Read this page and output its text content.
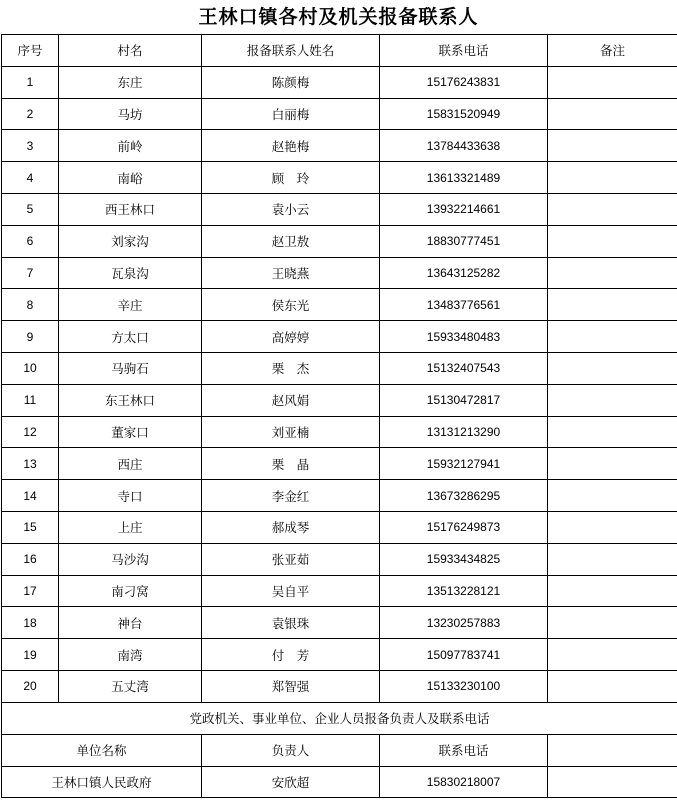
王林口镇各村及机关报备联系人
序号	村名	报备联系人姓名	联系电话	备注
1	东庄	陈颜梅	15176243831	
2	马坊	白丽梅	15831520949	
3	前岭	赵艳梅	13784433638	
4	南峪	顾　玲	13613321489	
5	西王林口	袁小云	13932214661	
6	刘家沟	赵卫敖	18830777451	
7	瓦泉沟	王晓燕	13643125282	
8	辛庄	侯东光	13483776561	
9	方太口	高婷婷	15933480483	
10	马驹石	栗　杰	15132407543	
11	东王林口	赵风娟	15130472817	
12	董家口	刘亚楠	13131213290	
13	西庄	栗　晶	15932127941	
14	寺口	李金红	13673286295	
15	上庄	郝成琴	15176249873	
16	马沙沟	张亚茹	15933434825	
17	南刁窝	吴自平	13513228121	
18	神台	袁银珠	13230257883	
19	南湾	付　芳	15097783741	
20	五丈湾	郑智强	15133230100	
党政机关、事业单位、企业人员报备负责人及联系电话				
单位名称		负责人	联系电话	
王林口镇人民政府		安欣超	15830218007	
